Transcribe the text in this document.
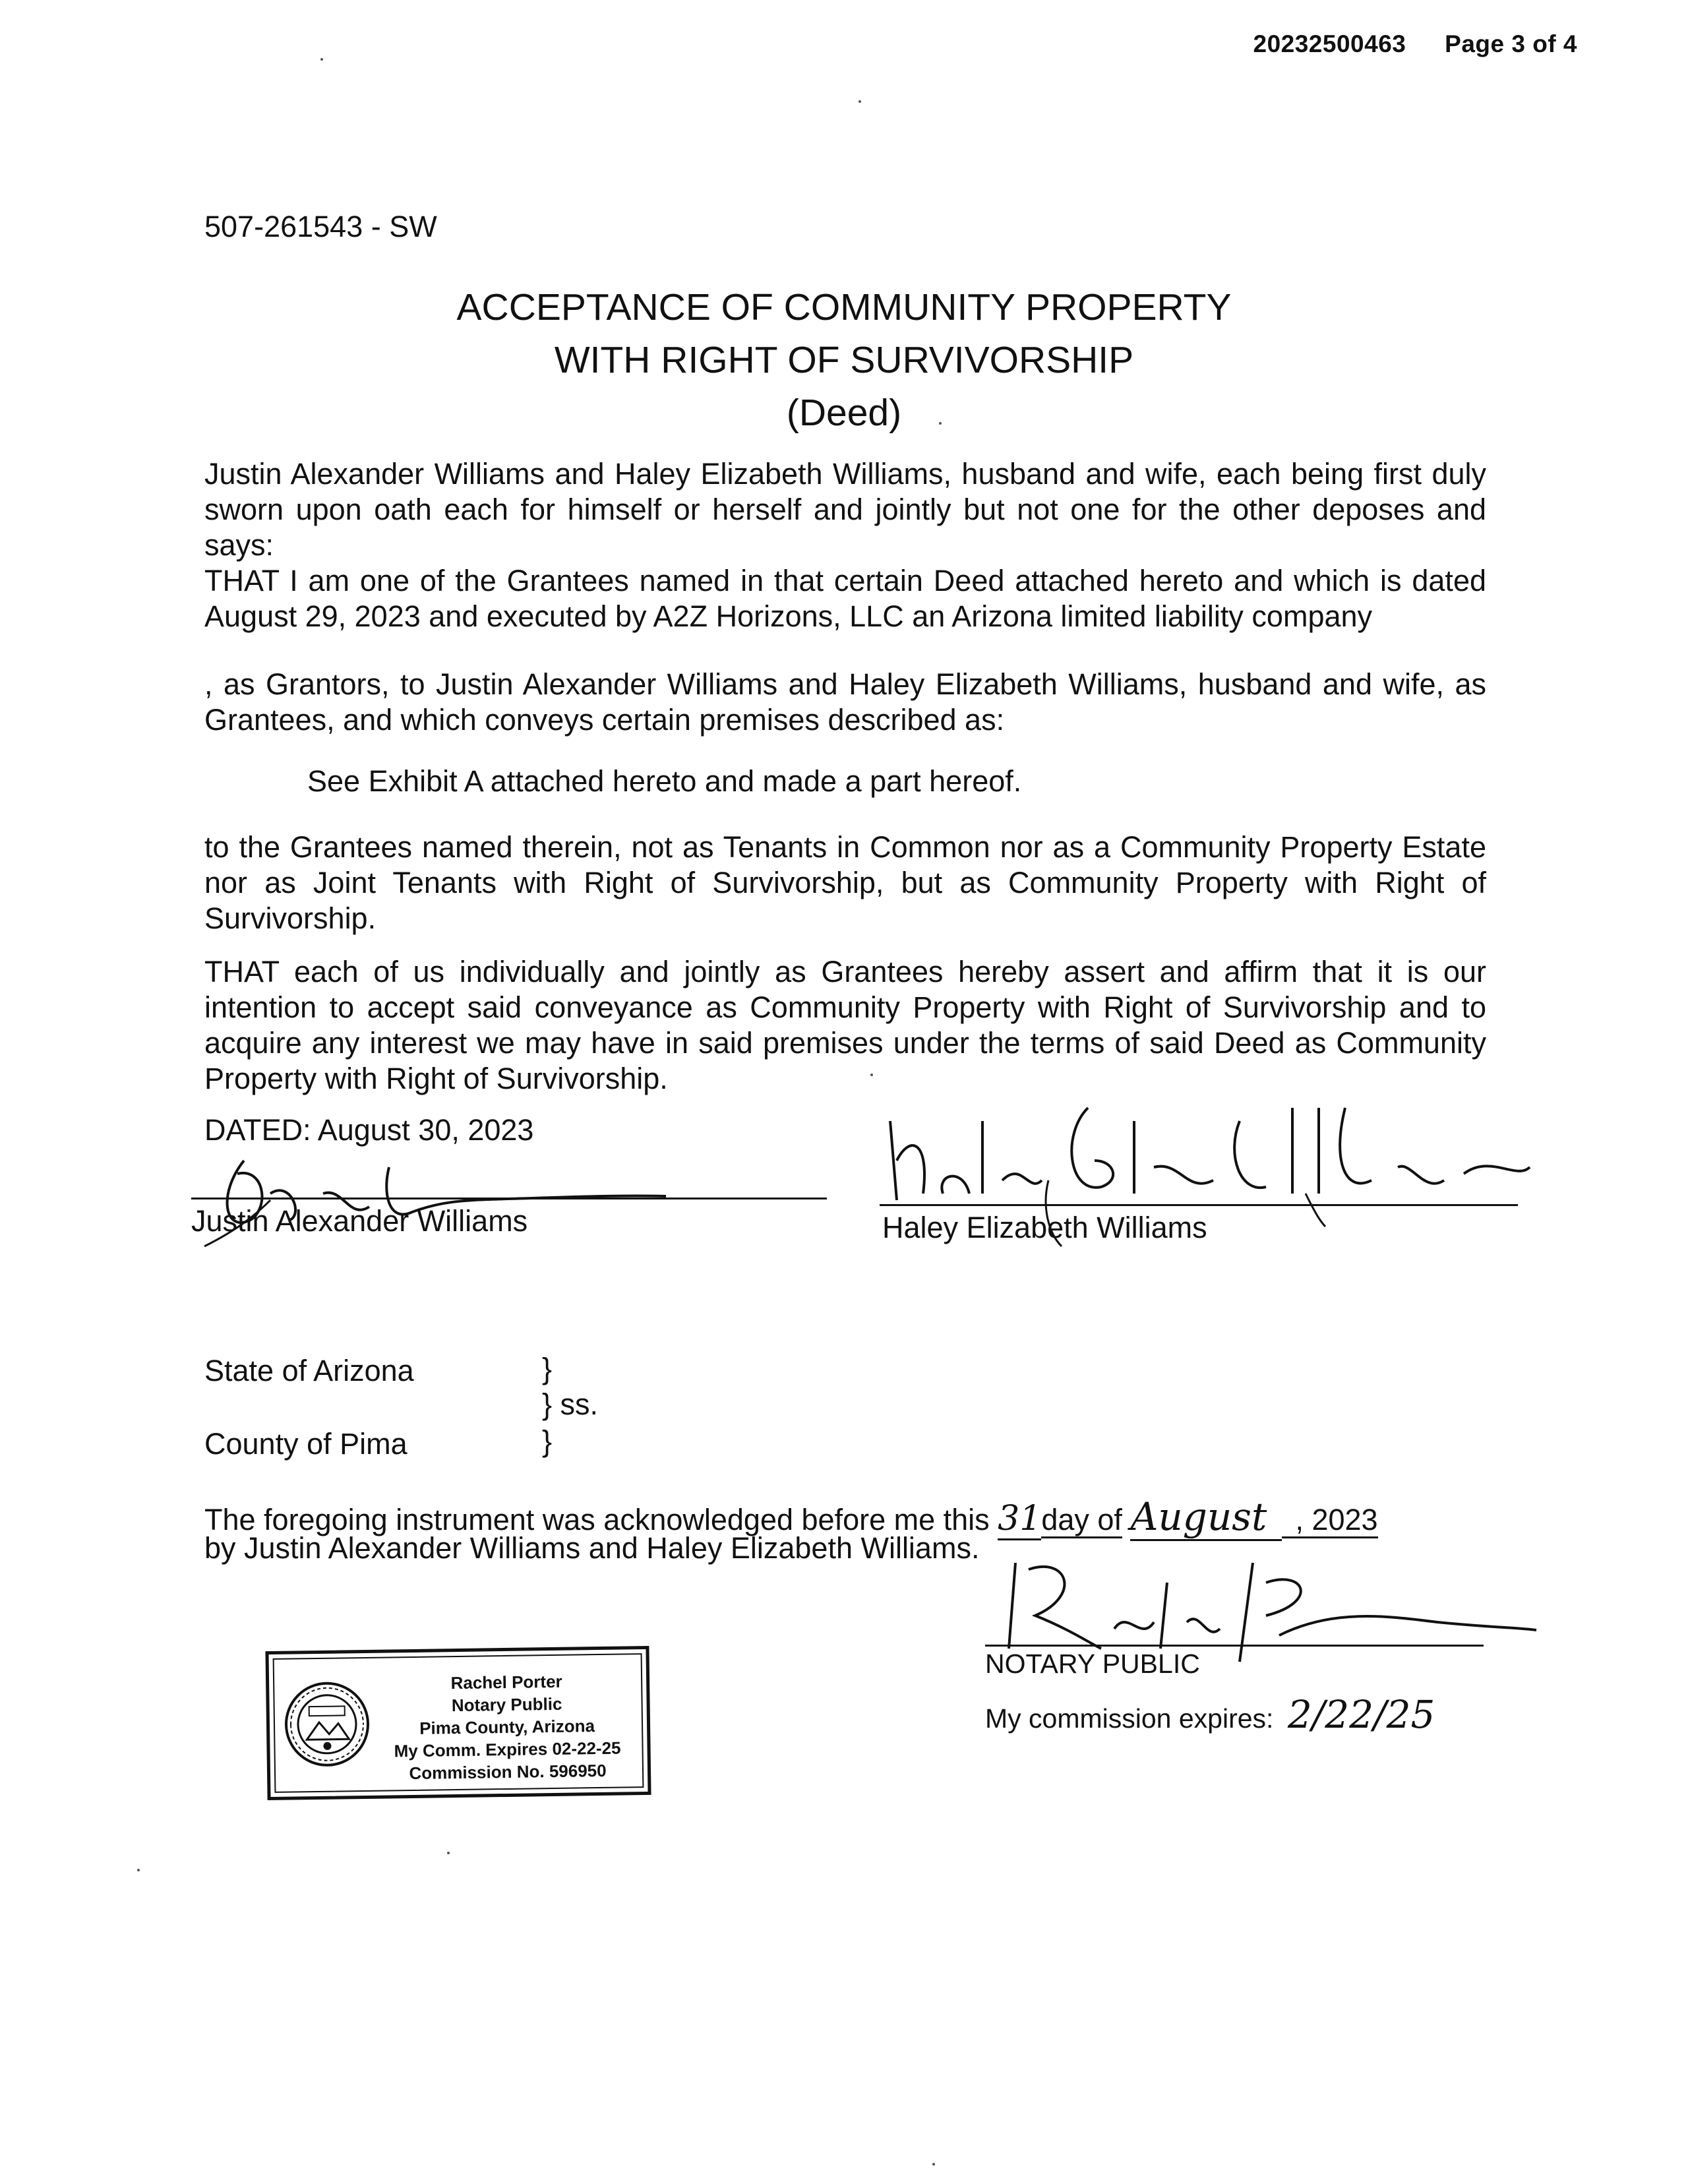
20232500463 Page 3 of 4
507-261543 - SW
ACCEPTANCE OF COMMUNITY PROPERTY
WITH RIGHT OF SURVIVORSHIP
(Deed)
Justin Alexander Williams and Haley Elizabeth Williams, husband and wife, each being first duly sworn upon oath each for himself or herself and jointly but not one for the other deposes and says:
THAT I am one of the Grantees named in that certain Deed attached hereto and which is dated August 29, 2023 and executed by A2Z Horizons, LLC an Arizona limited liability company
, as Grantors, to Justin Alexander Williams and Haley Elizabeth Williams, husband and wife, as Grantees, and which conveys certain premises described as:
See Exhibit A attached hereto and made a part hereof.
to the Grantees named therein, not as Tenants in Common nor as a Community Property Estate nor as Joint Tenants with Right of Survivorship, but as Community Property with Right of Survivorship.
THAT each of us individually and jointly as Grantees hereby assert and affirm that it is our intention to accept said conveyance as Community Property with Right of Survivorship and to acquire any interest we may have in said premises under the terms of said Deed as Community Property with Right of Survivorship.
DATED: August 30, 2023
Justin Alexander Williams	Haley Elizabeth Williams
State of Arizona
County of Pima
}
} ss.
}
The foregoing instrument was acknowledged before me this 31day of August , 2023
by Justin Alexander Williams and Haley Elizabeth Williams.
NOTARY PUBLIC
My commission expires: 2/22/25
Rachel Porter
Notary Public
Pima County, Arizona
My Comm. Expires 02-22-25
Commission No. 596950
